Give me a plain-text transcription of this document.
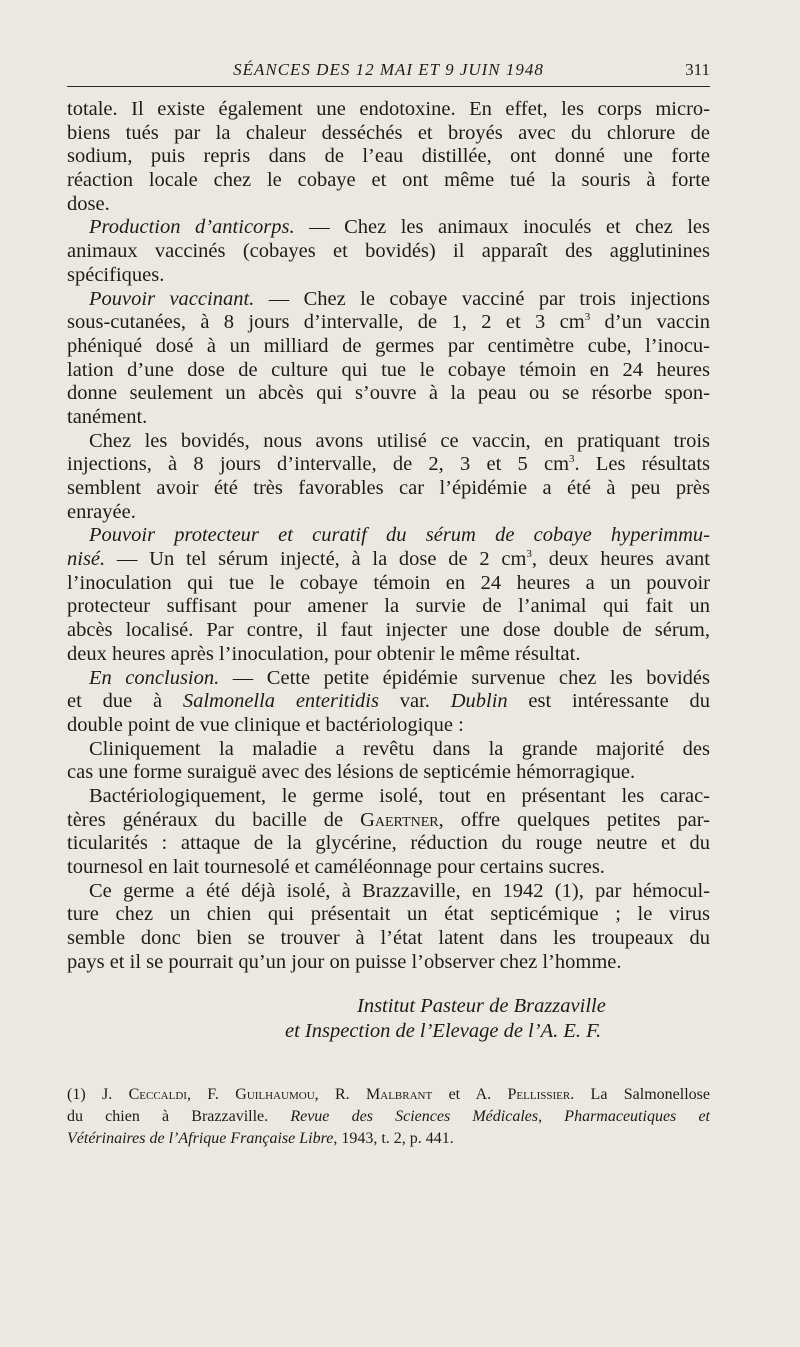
SÉANCES DES 12 MAI ET 9 JUIN 1948	311
totale. Il existe également une endotoxine. En effet, les corps micro-
biens tués par la chaleur desséchés et broyés avec du chlorure de
sodium, puis repris dans de l’eau distillée, ont donné une forte
réaction locale chez le cobaye et ont même tué la souris à forte
dose.
Production d’anticorps. — Chez les animaux inoculés et chez les
animaux vaccinés (cobayes et bovidés) il apparaît des agglutinines
spécifiques.
Pouvoir vaccinant. — Chez le cobaye vacciné par trois injections
sous-cutanées, à 8 jours d’intervalle, de 1, 2 et 3 $cm^3$ d’un vaccin
phéniqué dosé à un milliard de germes par centimètre cube, l’inocu-
lation d’une dose de culture qui tue le cobaye témoin en 24 heures
donne seulement un abcès qui s’ouvre à la peau ou se résorbe spon-
tanément.
Chez les bovidés, nous avons utilisé ce vaccin, en pratiquant trois
injections, à 8 jours d’intervalle, de 2, 3 et 5 $cm^3$. Les résultats
semblent avoir été très favorables car l’épidémie a été à peu près
enrayée.
Pouvoir protecteur et curatif du sérum de cobaye hyperimmu-
nisé. — Un tel sérum injecté, à la dose de 2 $cm^3$, deux heures avant
l’inoculation qui tue le cobaye témoin en 24 heures a un pouvoir
protecteur suffisant pour amener la survie de l’animal qui fait un
abcès localisé. Par contre, il faut injecter une dose double de sérum,
deux heures après l’inoculation, pour obtenir le même résultat.
En conclusion. — Cette petite épidémie survenue chez les bovidés
et due à Salmonella enteritidis var. Dublin est intéressante du
double point de vue clinique et bactériologique :
Cliniquement la maladie a revêtu dans la grande majorité des
cas une forme suraiguë avec des lésions de septicémie hémorragique.
Bactériologiquement, le germe isolé, tout en présentant les carac-
tères généraux du bacille de Gaertner, offre quelques petites par-
ticularités : attaque de la glycérine, réduction du rouge neutre et du
tournesol en lait tournesolé et caméléonnage pour certains sucres.
Ce germe a été déjà isolé, à Brazzaville, en 1942 (1), par hémocul-
ture chez un chien qui présentait un état septicémique ; le virus
semble donc bien se trouver à l’état latent dans les troupeaux du
pays et il se pourrait qu’un jour on puisse l’observer chez l’homme.
Institut Pasteur de Brazzaville
et Inspection de l’Elevage de l’A. E. F.
(1) J. Ceccaldi, F. Guilhaumou, R. Malbrant et A. Pellissier. La Salmonellose
du chien à Brazzaville. Revue des Sciences Médicales, Pharmaceutiques et
Vétérinaires de l’Afrique Française Libre, 1943, t. 2, p. 441.
